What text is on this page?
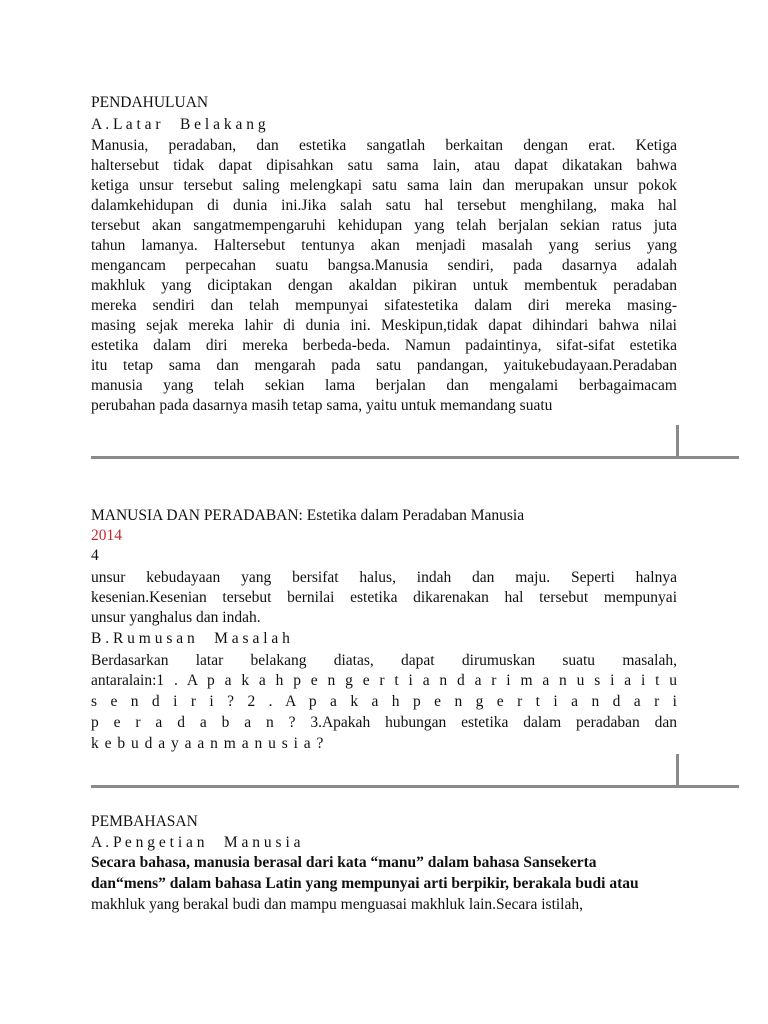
PENDAHULUAN
A . L a t a r     B e l a k a n g
Manusia, peradaban, dan estetika sangatlah berkaitan dengan erat. Ketiga
haltersebut tidak dapat dipisahkan satu sama lain, atau dapat dikatakan bahwa
ketiga unsur tersebut saling melengkapi satu sama lain dan merupakan unsur pokok
dalamkehidupan di dunia ini.Jika salah satu hal tersebut menghilang, maka hal
tersebut akan sangatmempengaruhi kehidupan yang telah berjalan sekian ratus juta
tahun lamanya. Haltersebut tentunya akan menjadi masalah yang serius yang
mengancam perpecahan suatu bangsa.Manusia sendiri, pada dasarnya adalah
makhluk yang diciptakan dengan akaldan pikiran untuk membentuk peradaban
mereka sendiri dan telah mempunyai sifatestetika dalam diri mereka masing-
masing sejak mereka lahir di dunia ini. Meskipun,tidak dapat dihindari bahwa nilai
estetika dalam diri mereka berbeda-beda. Namun padaintinya, sifat-sifat estetika
itu tetap sama dan mengarah pada satu pandangan, yaitukebudayaan.Peradaban
manusia yang telah sekian lama berjalan dan mengalami berbagaimacam
perubahan pada dasarnya masih tetap sama, yaitu untuk memandang suatu
MANUSIA DAN PERADABAN: Estetika dalam Peradaban Manusia
2014
4
unsur kebudayaan yang bersifat halus, indah dan maju. Seperti halnya
kesenian.Kesenian tersebut bernilai estetika dikarenakan hal tersebut mempunyai
unsur yanghalus dan indah.
B . R u m u s a n     M a s a l a h
Berdasarkan latar belakang diatas, dapat dirumuskan suatu masalah,
antaralain:1 . A p a k a h p e n g e r t i a n d a r i m a n u s i a i t u
s e n d i r i ? 2 . A p a k a h p e n g e r t i a n d a r i
p e r a d a b a n ? 3.Apakah hubungan estetika dalam peradaban dan
k e b u d a y a a n m a n u s i a ?
PEMBAHASAN
A . P e n g e t i a n     M a n u s i a
Secara bahasa, manusia berasal dari kata “manu” dalam bahasa Sansekerta
dan“mens” dalam bahasa Latin yang mempunyai arti berpikir, berakala budi atau
makhluk yang berakal budi dan mampu menguasai makhluk lain.Secara istilah,
